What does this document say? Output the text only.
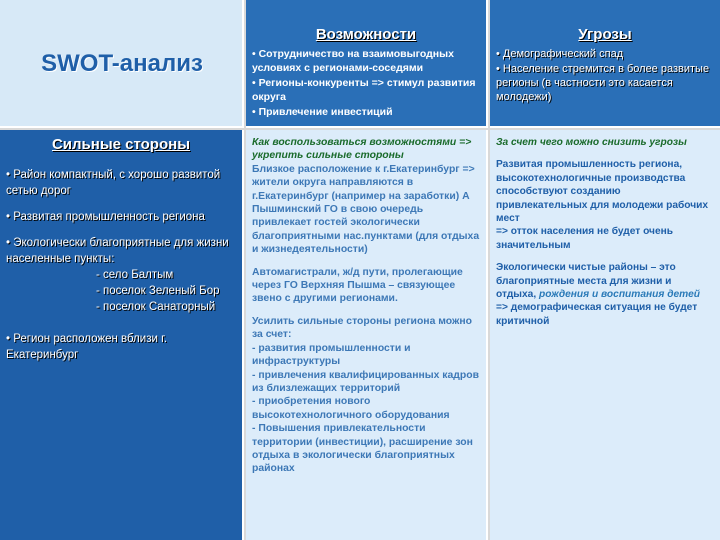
SWOT-анализ
Возможности
• Сотрудничество на взаимовыгодных условиях с регионами-соседями
• Регионы-конкуренты => стимул развития округа
• Привлечение инвестиций
Угрозы
• Демографический спад
• Население стремится в более развитые регионы (в частности это касается молодежи)
Сильные стороны

• Район компактный, с хорошо развитой сетью дорог

• Развитая промышленность региона

• Экологически благоприятные для жизни населенные пункты:
- село Балтым
- поселок Зеленый Бор
- поселок Санаторный

• Регион расположен вблизи г. Екатеринбург

Как воспользоваться возможностями => укрепить сильные стороны

Близкое расположение к г.Екатеринбург => жители округа направляются в г.Екатеринбург (например на заработки) А Пышминский ГО в свою очередь привлекает гостей экологически благоприятными нас.пунктами (для отдыха и жизнедеятельности)

Автомагистрали, ж/д пути, пролегающие через ГО Верхняя Пышма – связующее звено с другими регионами.

Усилить сильные стороны региона можно за счет:
- развития промышленности и инфраструктуры
- привлечения квалифицированных кадров из близлежащих территорий
- приобретения нового высокотехнологичного оборудования
- Повышения привлекательности территории (инвестиции), расширение зон отдыха в экологически благоприятных районах

За счет чего можно снизить угрозы

Развитая промышленность региона, высокотехнологичные производства способствуют созданию привлекательных для молодежи рабочих мест

=> отток населения не будет очень значительным

Экологически чистые районы – это благоприятные места для жизни и отдыха, рождения и воспитания детей
=> демографическая ситуация не будет критичной
